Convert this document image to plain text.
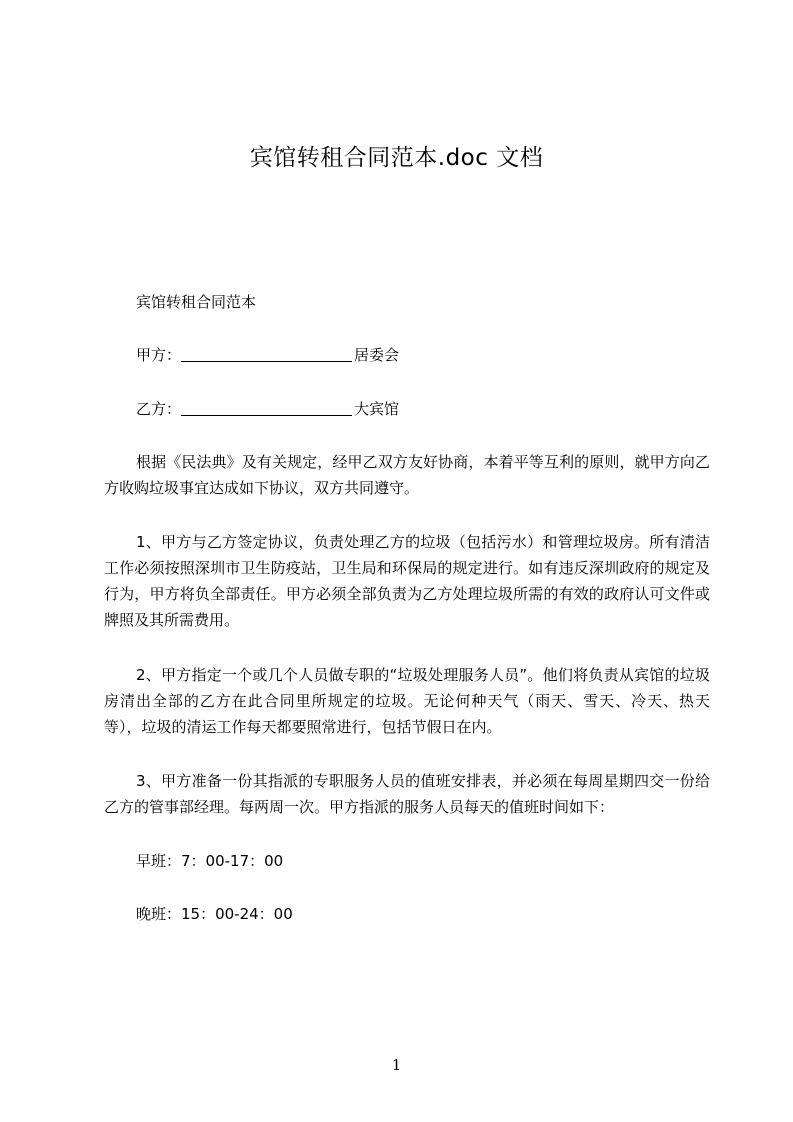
宾馆转租合同范本.doc 文档
宾馆转租合同范本
甲方：	居委会
乙方：	大宾馆
根据《民法典》及有关规定，经甲乙双方友好协商，本着平等互利的原则，就甲方向乙方收购垃圾事宜达成如下协议，双方共同遵守。
1、甲方与乙方签定协议，负责处理乙方的垃圾（包括污水）和管理垃圾房。所有清洁工作必须按照深圳市卫生防疫站，卫生局和环保局的规定进行。如有违反深圳政府的规定及行为，甲方将负全部责任。甲方必须全部负责为乙方处理垃圾所需的有效的政府认可文件或牌照及其所需费用。
2、甲方指定一个或几个人员做专职的“垃圾处理服务人员”。他们将负责从宾馆的垃圾房清出全部的乙方在此合同里所规定的垃圾。无论何种天气（雨天、雪天、冷天、热天等），垃圾的清运工作每天都要照常进行，包括节假日在内。
3、甲方准备一份其指派的专职服务人员的值班安排表，并必须在每周星期四交一份给乙方的管事部经理。每两周一次。甲方指派的服务人员每天的值班时间如下：
早班：7：00-17：00
晚班：15：00-24：00
1
